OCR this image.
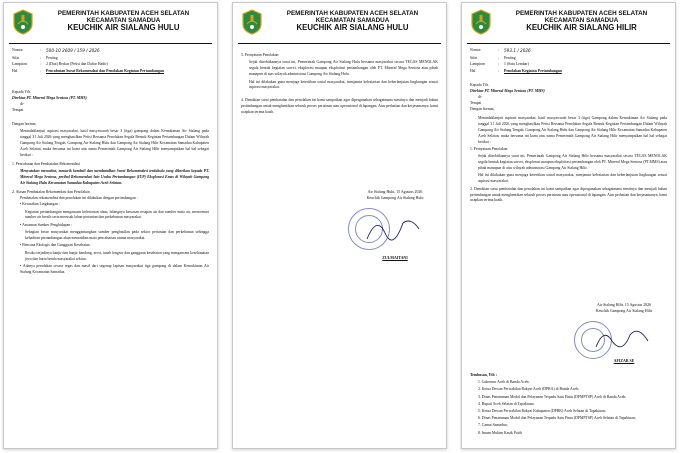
PEMERINTAH KABUPATEN ACEH SELATAN
KECAMATAN SAMADUA
KEUCHIK AIR SIALANG HULU
Nomor	:	500-10 2609 / 159 / 2026
Sifat	:	Penting
Lampiran	:	2 (Dua) Berkas (Petisi dan Daftar Hadir)
Hal	:	Pencabutan Surat Rekomendasi dan Penolakan Kegiatan Pertambangan
Kepada Yth.
Direktur PT. Mineral Mega Sentosa (PT. MMS)
di-
Tempat
Dengan hormat,
Menindaklanjuti aspirasi masyarakat, hasil musyawarah besar 3 (tiga) gampong dalam Kemukiman Air Sialang pada tanggal 31 Juli 2026 yang menghasilkan Petisi Bersama Penolakan Segala Bentuk Kegiatan Pertambangan Dalam Wilayah Gampong Air Sialang Tengah, Gampong Air Sialang Hulu dan Gampong Air Sialang Hilir Kecamatan Samadua Kabupaten Aceh Selatan, maka bersama ini kami atas nama Pemerintah Gampong Air Sialang Hilir menyampaikan hal hal sebagai berikut :
1. Pencabutan dan Pembatalan Rekomendasi
Menyatakan mencabut, menarik kembali dan membatalkan Surat Rekomendasi terdahulu yang diberikan kepada PT. Mineral Mega Sentosa, perihal Rekomendasi Izin Usaha Pertambangan (IUP) Eksplorasi Emas di Wilayah Gampong Air Sialang Hulu Kecamatan Samadua Kabupaten Aceh Selatan.
2. Alasan Pembatalan Rekomendasi dan Penolakan
Pembatalan rekomendasi dan penolakan ini dilakukan dengan pertimbangan :
• Kerusakan Lingkungan :
Kegiatan pertambangan mengancam kelestarian alam, hilangnya kawasan resapan air dan sumber mata air, mencemari sumber air bersih serta merusak lahan pertanian dan perkebunan masyarakat.
• Ancaman Sumber Penghidupan :
Sebagian besar masyarakat menggantungkan sumber penghasilan pada sektor pertanian dan perkebunan sehingga kehadiran pertambangan akan mematikan mata pencaharian utama masyarakat.
• Bencana Ekologis dan Gangguan Kesehatan :
Resiko terjadinya banjir dan banjir bandang, erosi, tanah longsor dan gangguan kesehatan yang mengancam keselamatan jiwa dan harta benda masyarakat sekitar.
• Adanya penolakan secara tegas dan masif dari segenap lapisan masyarakat tiga gampong di dalam Kemukiman Air Sialang Kecamatan Samadua.
PEMERINTAH KABUPATEN ACEH SELATAN
KECAMATAN SAMADUA
KEUCHIK AIR SIALANG HULU
3. Pernyataan Penolakan
Sejak diterbitkannya surat ini, Pemerintah Gampong Air Sialang Hulu bersama masyarakat secara TEGAS MENOLAK segala bentuk kegiatan survei, eksplorasi maupun eksploitasi pertambangan oleh PT. Mineral Mega Sentosa atau pihak manapun di atas wilayah administrasi Gampong Air Sialang Hulu.
Hal ini dilakukan guna menjaga ketertiban sosial masyarakat, menjamin kelestarian dan keberlanjutan lingkungan sesuai aspirasi masyarakat.
4. Demikian surat pembatalan dan penolakan ini kami sampaikan agar dipergunakan sebagaimana mestinya dan menjadi bahan pertimbangan untuk menghentikan seluruh proses perizinan atau operasional di lapangan. Atas perhatian dan kerjasamanya, kami ucapkan terima kasih.
Air Sialang Hulu, 15 Agustus 2026
Keuchik Gampong Air Sialang Hulu
ZULMAITANI
PEMERINTAH KABUPATEN ACEH SELATAN
KECAMATAN SAMADUA
KEUCHIK AIR SIALANG HILIR
Nomor	:	593.1 / 2026
Sifat	:	Penting
Lampiran	:	1 (Satu Lembar)
Hal	:	Penolakan Kegiatan Pertambangan
Kepada Yth.
Direktur PT. Mineral Mega Sentosa (PT. MMS)
di-
Tempat
Dengan hormat,
Menindaklanjuti aspirasi masyarakat, hasil musyawarah besar 3 (tiga) Gampong dalam Kemukiman Air Sialang pada tanggal 31 Juli 2026 yang menghasilkan Petisi Bersama Penolakan Segala Bentuk Kegiatan Pertambangan Dalam Wilayah Gampong Air Sialang Tengah, Gampong Air Sialang Hulu dan Gampong Air Sialang Hilir Kecamatan Samadua Kabupaten Aceh Selatan, maka bersama ini kami atas nama Pemerintah Gampong Air Sialang Hilir menyampaikan hal hal sebagai berikut :
1. Pernyataan Penolakan
Sejak diterbitkannya surat ini, Pemerintah Gampong Air Sialang Hilir bersama masyarakat secara TEGAS MENOLAK segala bentuk kegiatan survei, eksplorasi maupun eksploitasi pertambangan oleh PT. Mineral Mega Sentosa (PT.MMS) atau pihak manapun di atas wilayah administrasi Gampong Air Sialang Hilir.
Hal ini dilakukan guna menjaga ketertiban sosial masyarakat, menjamin kelestarian dan keberlanjutan lingkungan sesuai aspirasi masyarakat.
2. Demikian surat pembatalan dan penolakan ini kami sampaikan agar dipergunakan sebagaimana mestinya dan menjadi bahan pertimbangan untuk menghentikan seluruh proses perizinan atau operasional di lapangan. Atas perhatian dan kerjasamanya, kami ucapkan terima kasih.
Air Sialang Hilir, 15 Agustus 2026
Keuchik Gampong Air Sialang Hilir
AFIZAR SE
Tembusan, Yth :
1. Gubernur Aceh di Banda Aceh;
2. Ketua Dewan Perwakilan Rakyat Aceh (DPRA) di Banda Aceh;
3. Dinas Penanaman Modal dan Pelayanan Terpadu Satu Pintu (DPMPTSP) Aceh di Banda Aceh;
4. Bupati Aceh Selatan di Tapaktuan;
5. Ketua Dewan Perwakilan Rakyat Kabupaten (DPRK) Aceh Selatan di Tapaktuan;
6. Dinas Penanaman Modal dan Pelayanan Terpadu Satu Pintu (DPMPTSP) Aceh Selatan di Tapaktuan;
7. Camat Samadua;
8. Imum Mukim Kasik Putih
